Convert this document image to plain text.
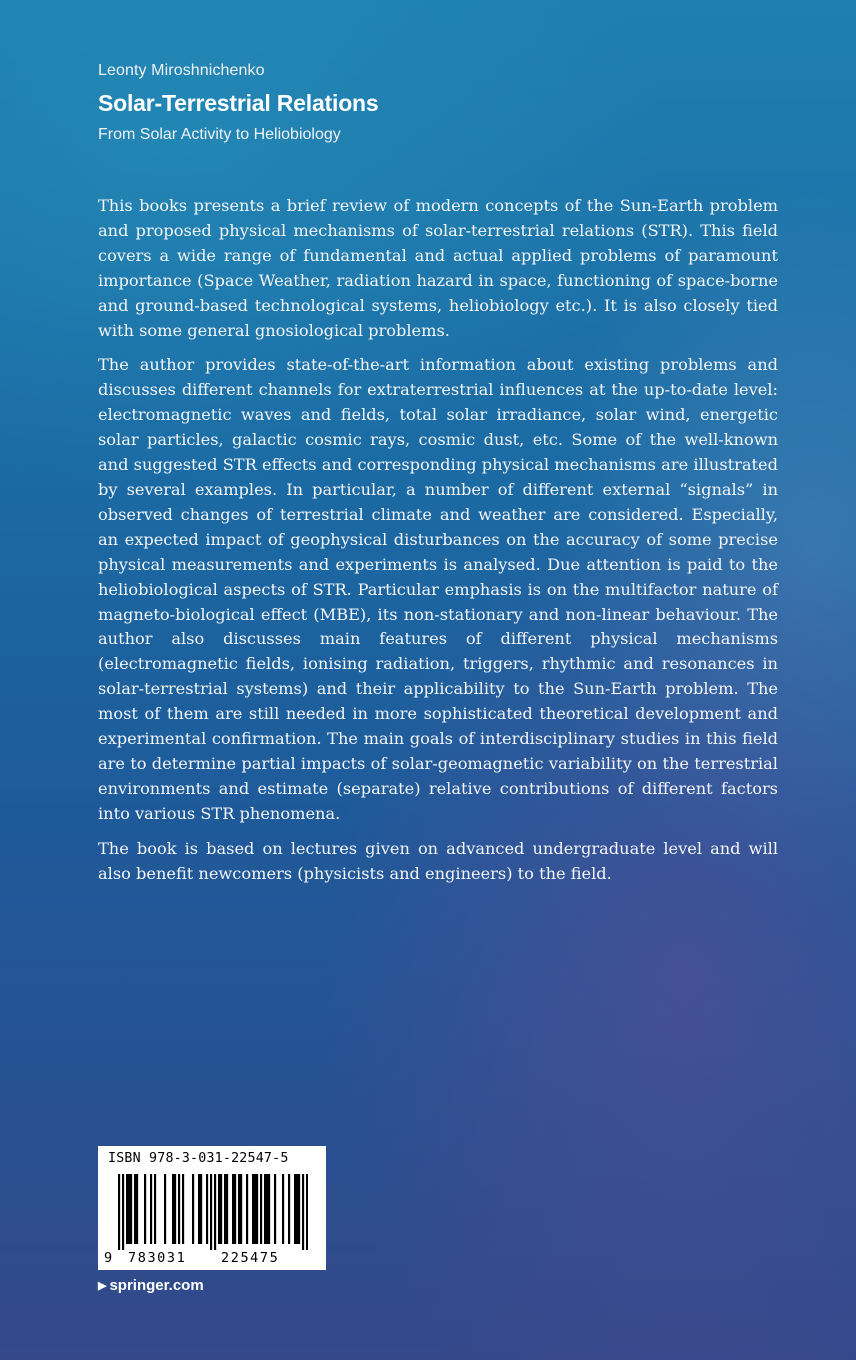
Leonty Miroshnichenko
Solar-Terrestrial Relations
From Solar Activity to Heliobiology

This books presents a brief review of modern concepts of the Sun-Earth problem and proposed physical mechanisms of solar-terrestrial relations (STR). This field covers a wide range of fundamental and actual applied problems of paramount importance (Space Weather, radiation hazard in space, functioning of space-borne and ground-based technological systems, heliobiology etc.). It is also closely tied with some general gnosiological problems.

The author provides state-of-the-art information about existing problems and discusses different channels for extraterrestrial influences at the up-to-date level: electromagnetic waves and fields, total solar irradiance, solar wind, energetic solar particles, galactic cosmic rays, cosmic dust, etc. Some of the well-known and suggested STR effects and corresponding physical mechanisms are illustrated by several examples. In particular, a number of different external “signals” in observed changes of terrestrial climate and weather are considered. Especially, an expected impact of geophysical disturbances on the accuracy of some precise physical measurements and experiments is analysed. Due attention is paid to the heliobiological aspects of STR. Particular emphasis is on the multifactor nature of magneto-biological effect (MBE), its non-stationary and non-linear behaviour. The author also discusses main features of different physical mechanisms (electromagnetic fields, ionising radiation, triggers, rhythmic and resonances in solar-terrestrial systems) and their applicability to the Sun-Earth problem. The most of them are still needed in more sophisticated theoretical development and experimental confirmation. The main goals of interdisciplinary studies in this field are to determine partial impacts of solar-geomagnetic variability on the terrestrial environments and estimate (separate) relative contributions of different factors into various STR phenomena.

The book is based on lectures given on advanced undergraduate level and will also benefit newcomers (physicists and engineers) to the field.

ISBN 978-3-031-22547-5
9 783031	225475
▶ springer.com
